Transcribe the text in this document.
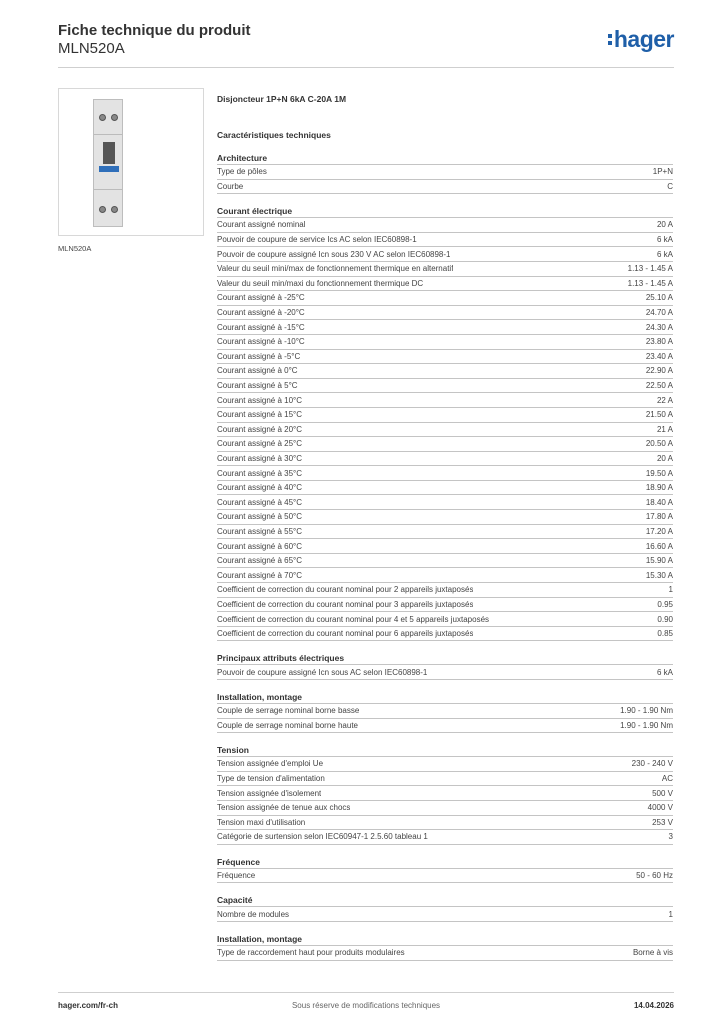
Fiche technique du produit
MLN520A	hager
MLN520A
Disjoncteur 1P+N 6kA C-20A 1M
Caractéristiques techniques
Architecture
Type de pôles	1P+N
Courbe	C
Courant électrique
Courant assigné nominal	20 A
Pouvoir de coupure de service Ics AC selon IEC60898-1	6 kA
Pouvoir de coupure assigné Icn sous 230 V AC selon IEC60898-1	6 kA
Valeur du seuil mini/max de fonctionnement thermique en alternatif	1.13 - 1.45 A
Valeur du seuil min/maxi du fonctionnement thermique DC	1.13 - 1.45 A
Courant assigné à -25°C	25.10 A
Courant assigné à -20°C	24.70 A
Courant assigné à -15°C	24.30 A
Courant assigné à -10°C	23.80 A
Courant assigné à -5°C	23.40 A
Courant assigné à 0°C	22.90 A
Courant assigné à 5°C	22.50 A
Courant assigné à 10°C	22 A
Courant assigné à 15°C	21.50 A
Courant assigné à 20°C	21 A
Courant assigné à 25°C	20.50 A
Courant assigné à 30°C	20 A
Courant assigné à 35°C	19.50 A
Courant assigné à 40°C	18.90 A
Courant assigné à 45°C	18.40 A
Courant assigné à 50°C	17.80 A
Courant assigné à 55°C	17.20 A
Courant assigné à 60°C	16.60 A
Courant assigné à 65°C	15.90 A
Courant assigné à 70°C	15.30 A
Coefficient de correction du courant nominal pour 2 appareils juxtaposés	1
Coefficient de correction du courant nominal pour 3 appareils juxtaposés	0.95
Coefficient de correction du courant nominal pour 4 et 5 appareils juxtaposés	0.90
Coefficient de correction du courant nominal pour 6 appareils juxtaposés	0.85
Principaux attributs électriques
Pouvoir de coupure assigné Icn sous AC selon IEC60898-1	6 kA
Installation, montage
Couple de serrage nominal borne basse	1.90 - 1.90 Nm
Couple de serrage nominal borne haute	1.90 - 1.90 Nm
Tension
Tension assignée d'emploi Ue	230 - 240 V
Type de tension d'alimentation	AC
Tension assignée d'isolement	500 V
Tension assignée de tenue aux chocs	4000 V
Tension maxi d'utilisation	253 V
Catégorie de surtension selon IEC60947-1 2.5.60 tableau 1	3
Fréquence
Fréquence	50 - 60 Hz
Capacité
Nombre de modules	1
Installation, montage
Type de raccordement haut pour produits modulaires	Borne à vis
hager.com/fr-ch	Sous réserve de modifications techniques	14.04.2026
